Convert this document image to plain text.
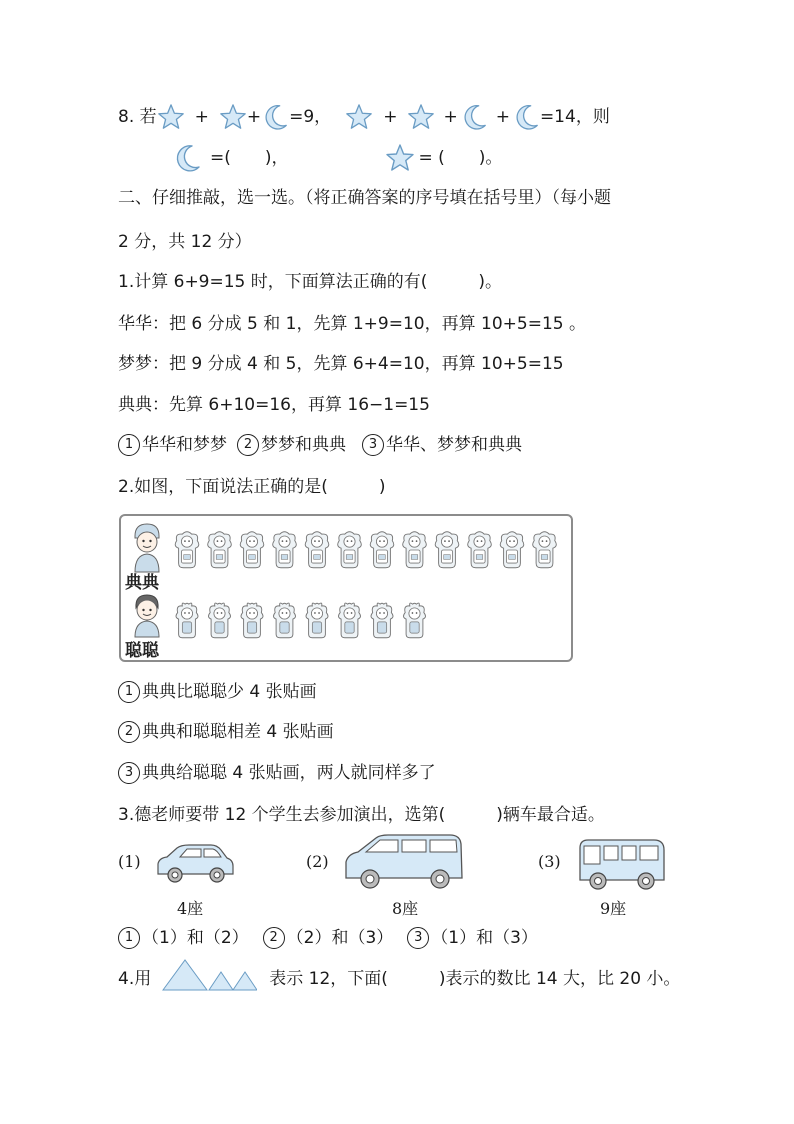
8. 若 + + =9，	+	+ + =14，则
=(　　)，	= (　　)。
二、仔细推敲，选一选。（将正确答案的序号填在括号里）（每小题
2 分，共 12 分）
1.计算 6+9=15 时，下面算法正确的有(　　　)。
华华：把 6 分成 5 和 1，先算 1+9=10，再算 10+5=15 。
梦梦：把 9 分成 4 和 5，先算 6+4=10，再算 10+5=15
典典：先算 6+10=16，再算 16−1=15
1 华华和梦梦	2 梦梦和典典	3 华华、梦梦和典典
2.如图，下面说法正确的是(　　　)
典典
聪聪
1 典典比聪聪少 4 张贴画
2 典典和聪聪相差 4 张贴画
3 典典给聪聪 4 张贴画，两人就同样多了
3.德老师要带 12 个学生去参加演出，选第(　　　)辆车最合适。
(1)
4座
(2)
8座
(3)
9座
1 （1）和（2）	2 （2）和（3）	3 （1）和（3）
4.用	表示 12，下面(　　　)表示的数比 14 大，比 20 小。
